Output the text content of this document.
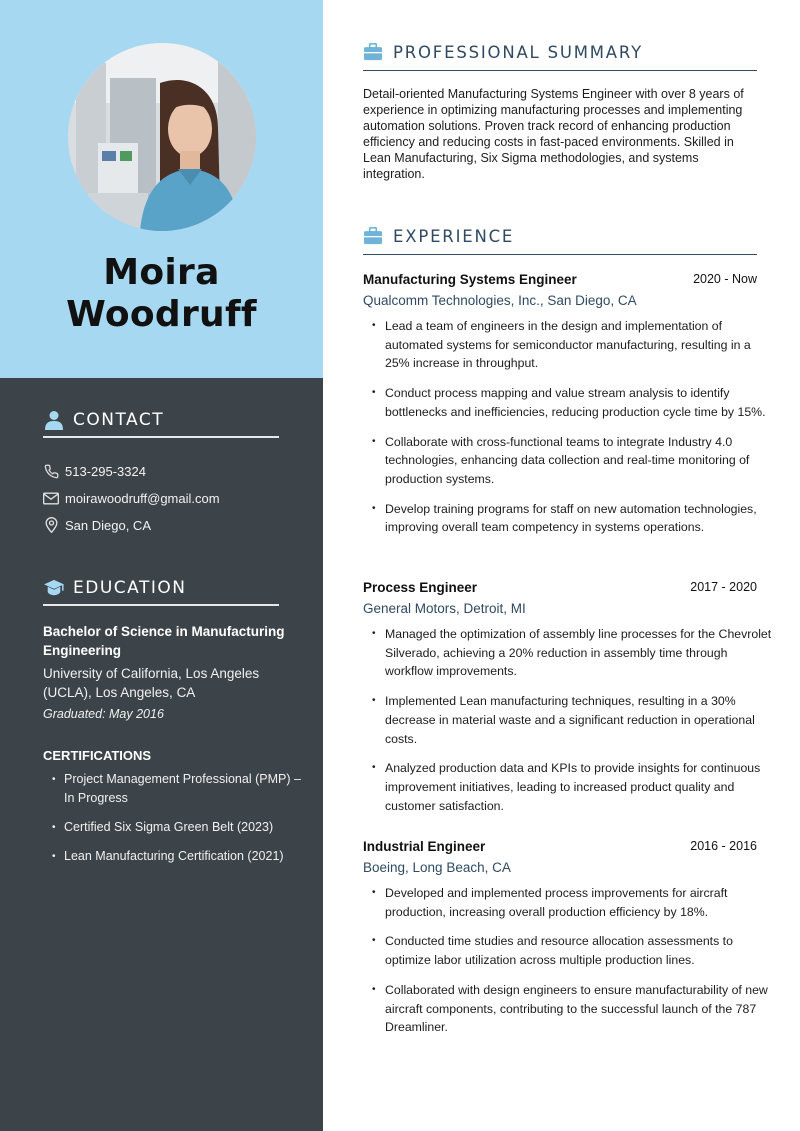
Moira
Woodruff
CONTACT
513-295-3324
moirawoodruff@gmail.com
San Diego, CA
EDUCATION
Bachelor of Science in Manufacturing Engineering
University of California, Los Angeles (UCLA), Los Angeles, CA
Graduated: May 2016
CERTIFICATIONS
• Project Management Professional (PMP) – In Progress
• Certified Six Sigma Green Belt (2023)
• Lean Manufacturing Certification (2021)
PROFESSIONAL SUMMARY
Detail-oriented Manufacturing Systems Engineer with over 8 years of experience in optimizing manufacturing processes and implementing automation solutions. Proven track record of enhancing production efficiency and reducing costs in fast-paced environments. Skilled in Lean Manufacturing, Six Sigma methodologies, and systems integration.
EXPERIENCE
Manufacturing Systems Engineer	2020 - Now
Qualcomm Technologies, Inc., San Diego, CA
• Lead a team of engineers in the design and implementation of automated systems for semiconductor manufacturing, resulting in a 25% increase in throughput.
• Conduct process mapping and value stream analysis to identify bottlenecks and inefficiencies, reducing production cycle time by 15%.
• Collaborate with cross-functional teams to integrate Industry 4.0 technologies, enhancing data collection and real-time monitoring of production systems.
• Develop training programs for staff on new automation technologies, improving overall team competency in systems operations.
Process Engineer	2017 - 2020
General Motors, Detroit, MI
• Managed the optimization of assembly line processes for the Chevrolet Silverado, achieving a 20% reduction in assembly time through workflow improvements.
• Implemented Lean manufacturing techniques, resulting in a 30% decrease in material waste and a significant reduction in operational costs.
• Analyzed production data and KPIs to provide insights for continuous improvement initiatives, leading to increased product quality and customer satisfaction.
Industrial Engineer	2016 - 2016
Boeing, Long Beach, CA
• Developed and implemented process improvements for aircraft production, increasing overall production efficiency by 18%.
• Conducted time studies and resource allocation assessments to optimize labor utilization across multiple production lines.
• Collaborated with design engineers to ensure manufacturability of new aircraft components, contributing to the successful launch of the 787 Dreamliner.
